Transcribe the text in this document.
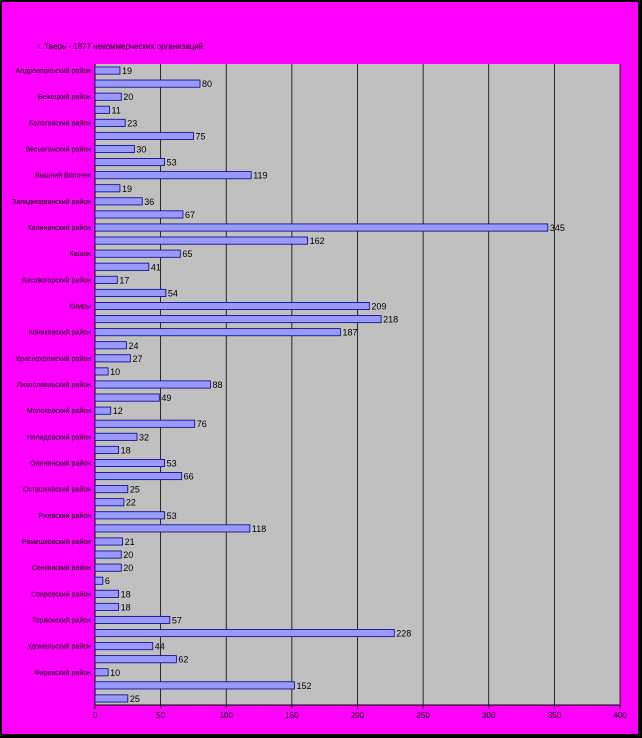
г. Тверь - 1877 некоммерческих организаций
19
80
20
11
23
75
30
53
119
19
36
67
345
162
65
41
17
54
209
218
187
24
27
10
88
49
12
76
32
18
53
66
25
22
53
118
21
20
20
6
18
18
57
228
44
62
10
152
25
Андреапольский район
Бежецкий район
Бологовский район
Весьегонский район
Вышний Волочек
Западнодвинский район
Калининский район
Кашин
Кесовогорский район
Кимры
Конаковский район
Краснохолмский район
Лихославльский район
Молоковский район
Нелидовский район
Оленинский район
Осташковский район
Ржевский район
Рамешковский район
Сонковский район
Спировский район
Торжокский район
Удомельский район
Фировский район
0	50	100	150	200	250	300	350	400
